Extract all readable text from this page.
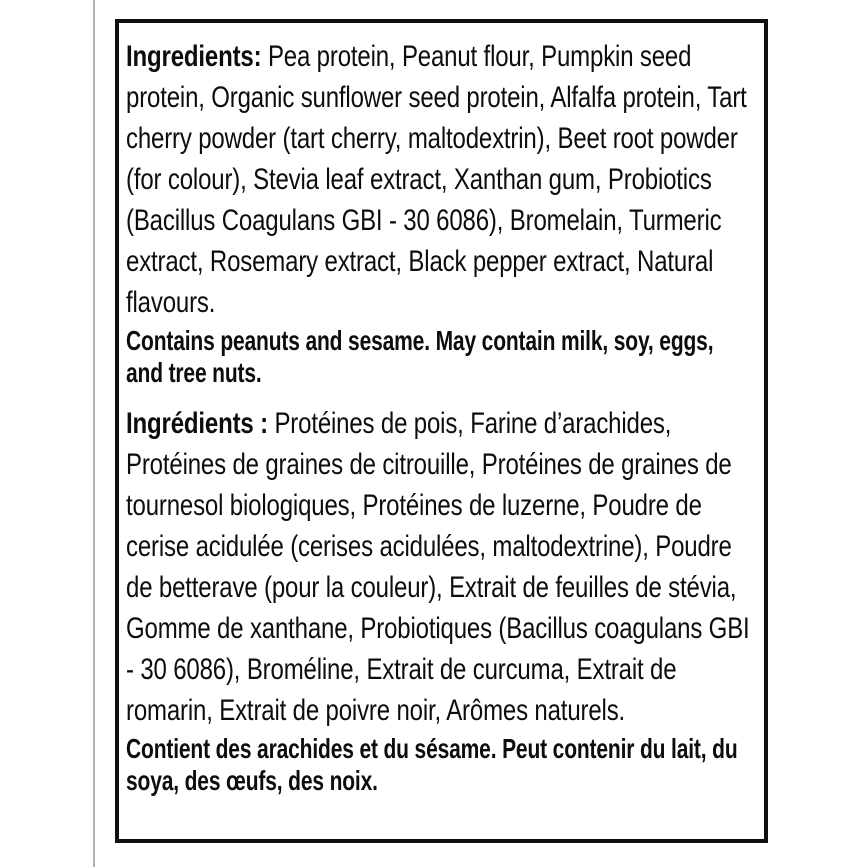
Ingredients: Pea protein, Peanut flour, Pumpkin seed protein, Organic sunflower seed protein, Alfalfa protein, Tart cherry powder (tart cherry, maltodextrin), Beet root powder (for colour), Stevia leaf extract, Xanthan gum, Probiotics (Bacillus Coagulans GBI - 30 6086), Bromelain, Turmeric extract, Rosemary extract, Black pepper extract, Natural flavours.

Contains peanuts and sesame. May contain milk, soy, eggs, and tree nuts.

Ingrédients : Protéines de pois, Farine d’arachides, Protéines de graines de citrouille, Protéines de graines de tournesol biologiques, Protéines de luzerne, Poudre de cerise acidulée (cerises acidulées, maltodextrine), Poudre de betterave (pour la couleur), Extrait de feuilles de stévia, Gomme de xanthane, Probiotiques (Bacillus coagulans GBI - 30 6086), Broméline, Extrait de curcuma, Extrait de romarin, Extrait de poivre noir, Arômes naturels.

Contient des arachides et du sésame. Peut contenir du lait, du soya, des œufs, des noix.
